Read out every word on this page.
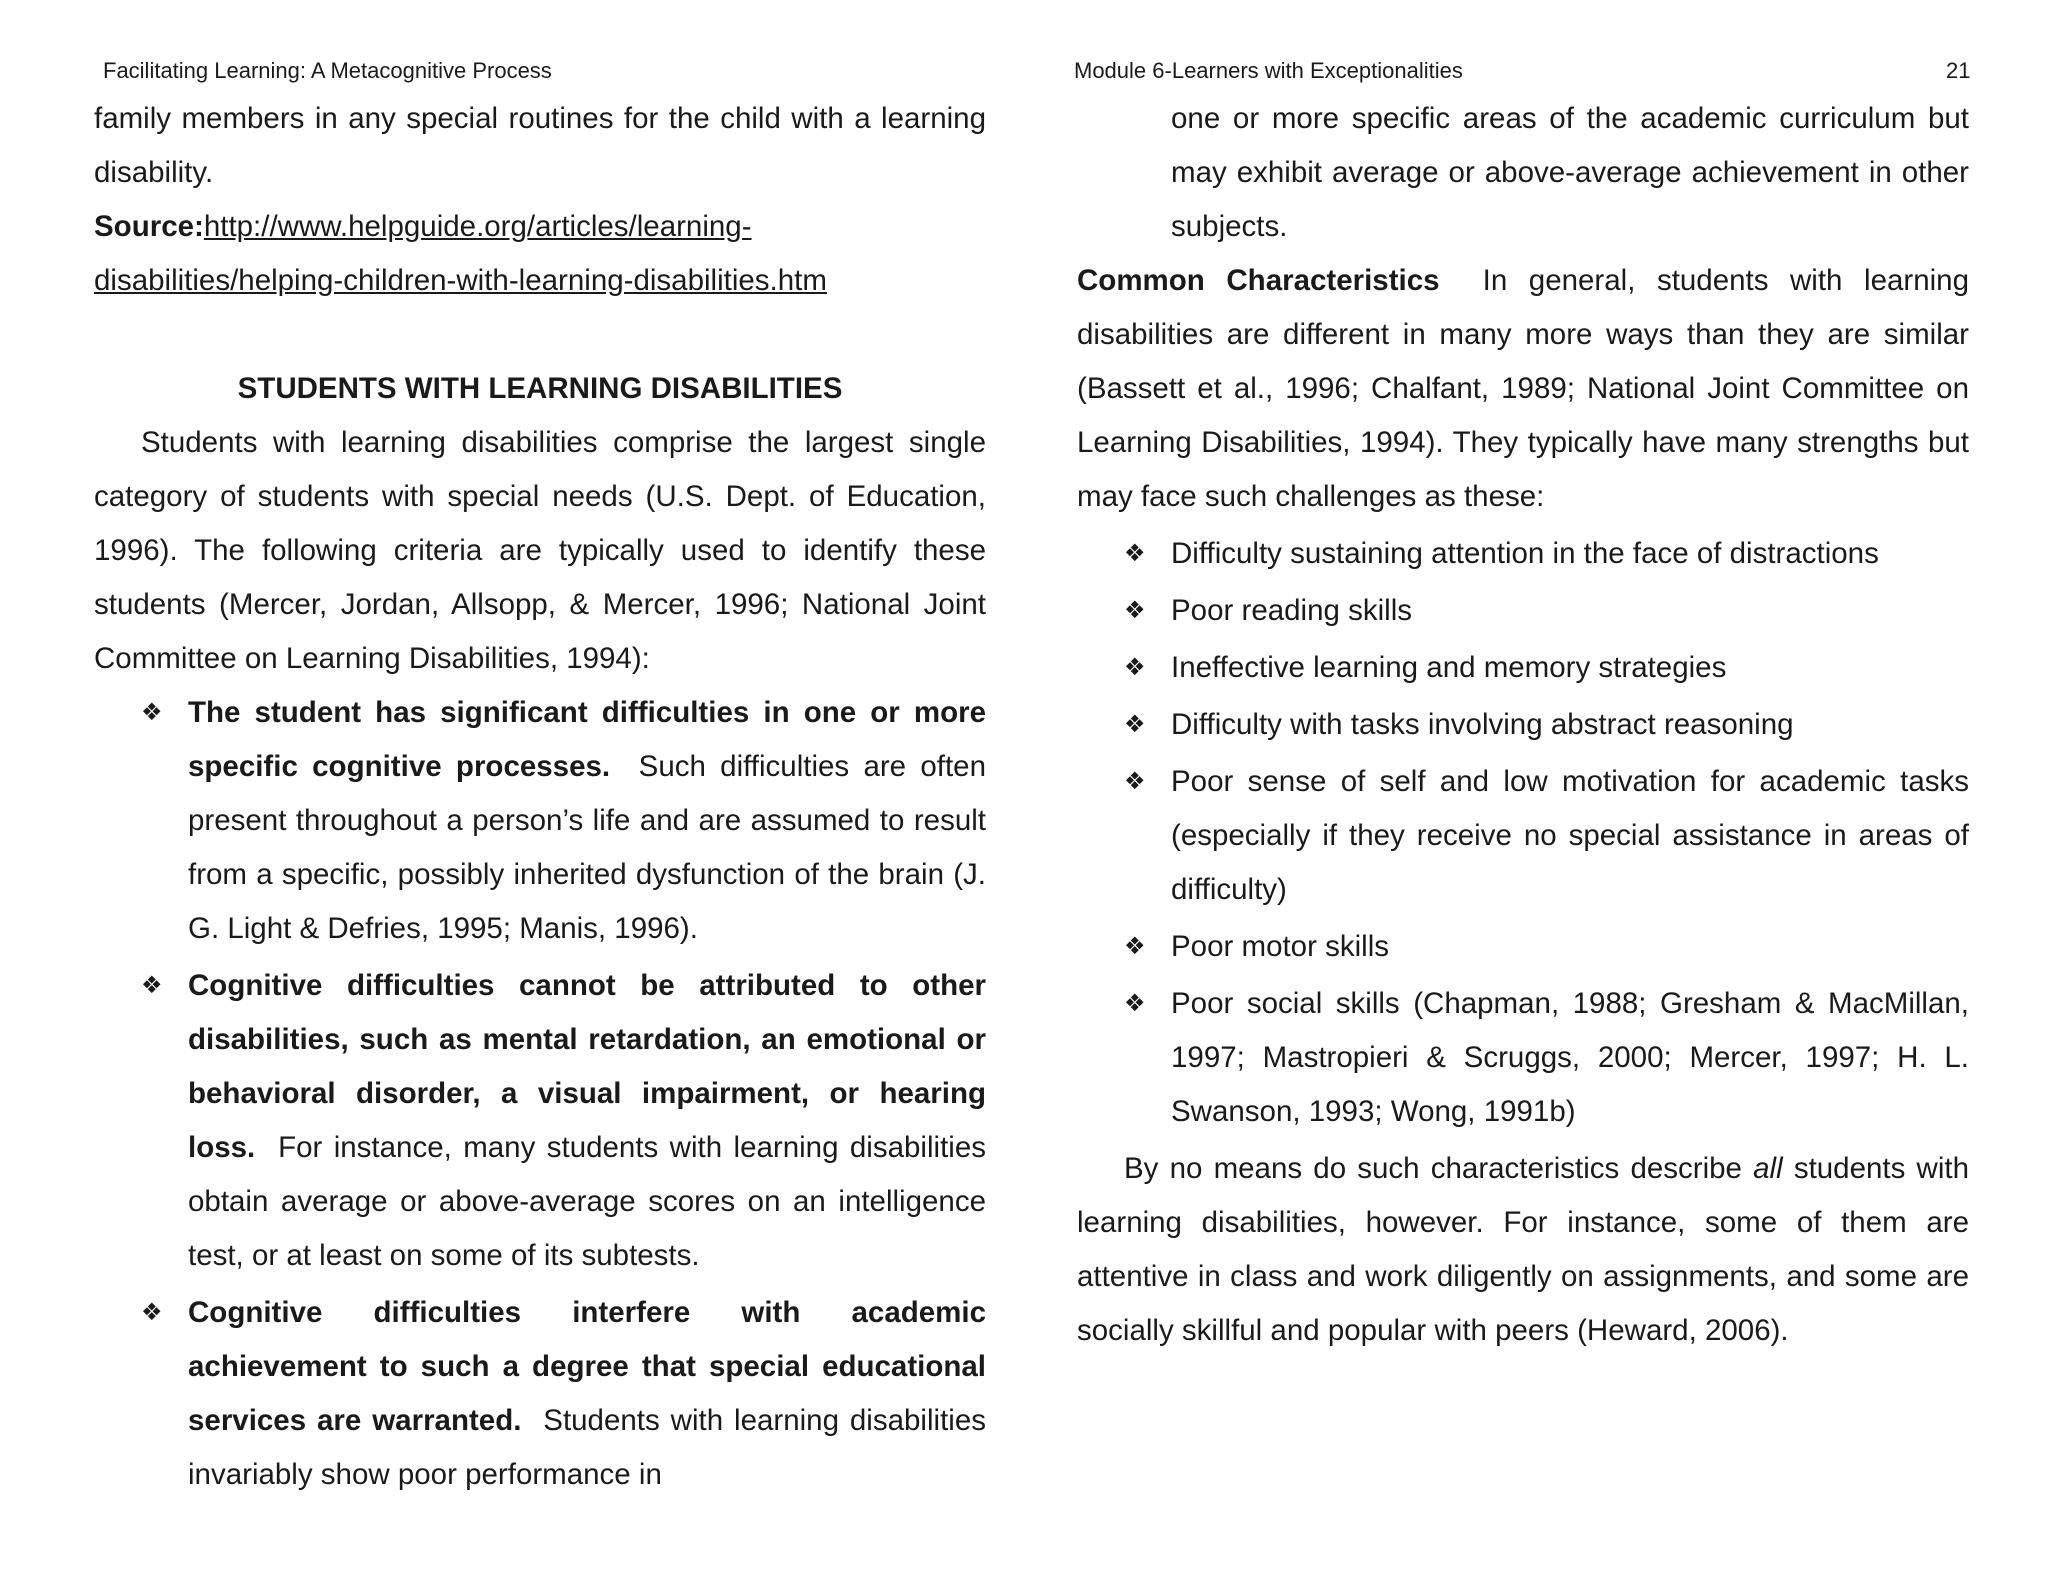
Facilitating Learning: A Metacognitive Process

family members in any special routines for the child with a learning disability.

Source:http://www.helpguide.org/articles/learning-disabilities/helping-children-with-learning-disabilities.htm

STUDENTS WITH LEARNING DISABILITIES

Students with learning disabilities comprise the largest single category of students with special needs (U.S. Dept. of Education, 1996). The following criteria are typically used to identify these students (Mercer, Jordan, Allsopp, & Mercer, 1996; National Joint Committee on Learning Disabilities, 1994):

❖ The student has significant difficulties in one or more specific cognitive processes. Such difficulties are often present throughout a person’s life and are assumed to result from a specific, possibly inherited dysfunction of the brain (J. G. Light & Defries, 1995; Manis, 1996).
❖ Cognitive difficulties cannot be attributed to other disabilities, such as mental retardation, an emotional or behavioral disorder, a visual impairment, or hearing loss. For instance, many students with learning disabilities obtain average or above-average scores on an intelligence test, or at least on some of its subtests.
❖ Cognitive difficulties interfere with academic achievement to such a degree that special educational services are warranted. Students with learning disabilities invariably show poor performance in
Module 6-Learners with Exceptionalities	21

one or more specific areas of the academic curriculum but may exhibit average or above-average achievement in other subjects.

Common Characteristics In general, students with learning disabilities are different in many more ways than they are similar (Bassett et al., 1996; Chalfant, 1989; National Joint Committee on Learning Disabilities, 1994). They typically have many strengths but may face such challenges as these:

❖ Difficulty sustaining attention in the face of distractions
❖ Poor reading skills
❖ Ineffective learning and memory strategies
❖ Difficulty with tasks involving abstract reasoning
❖ Poor sense of self and low motivation for academic tasks (especially if they receive no special assistance in areas of difficulty)
❖ Poor motor skills
❖ Poor social skills (Chapman, 1988; Gresham & MacMillan, 1997; Mastropieri & Scruggs, 2000; Mercer, 1997; H. L. Swanson, 1993; Wong, 1991b)

By no means do such characteristics describe all students with learning disabilities, however. For instance, some of them are attentive in class and work diligently on assignments, and some are socially skillful and popular with peers (Heward, 2006).
